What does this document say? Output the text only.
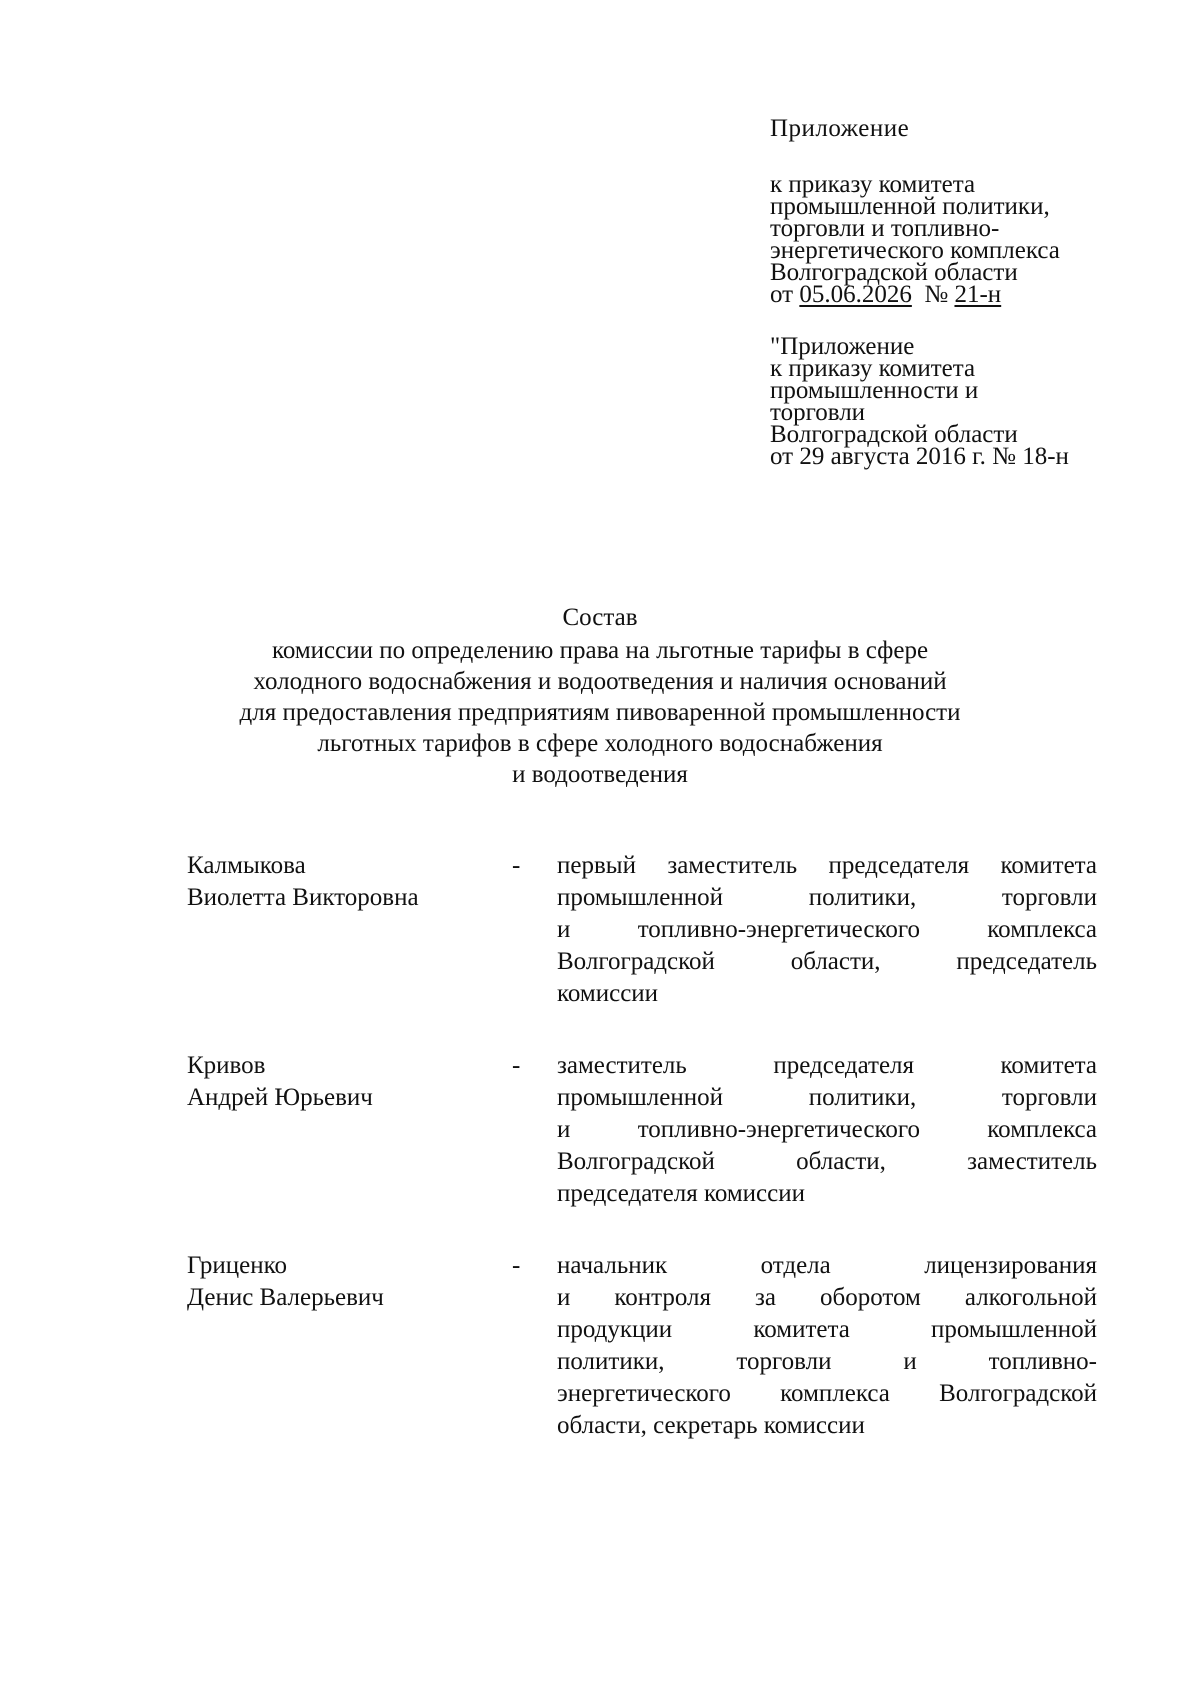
Приложение
к приказу комитета
промышленной политики,
торговли и топливно-
энергетического комплекса
Волгоградской области
от 05.06.2026 № 21-н
"Приложение
к приказу комитета
промышленности и
торговли
Волгоградской области
от 29 августа 2016 г. № 18-н
Состав
комиссии по определению права на льготные тарифы в сфере
холодного водоснабжения и водоотведения и наличия оснований
для предоставления предприятиям пивоваренной промышленности
льготных тарифов в сфере холодного водоснабжения
и водоотведения
Калмыкова
Виолетта Викторовна
- первый заместитель председателя комитета
промышленной политики, торговли
и топливно-энергетического комплекса
Волгоградской области, председатель
комиссии
Кривов
Андрей Юрьевич
- заместитель председателя комитета
промышленной политики, торговли
и топливно-энергетического комплекса
Волгоградской области, заместитель
председателя комиссии
Гриценко
Денис Валерьевич
- начальник отдела лицензирования
и контроля за оборотом алкогольной
продукции комитета промышленной
политики, торговли и топливно-
энергетического комплекса Волгоградской
области, секретарь комиссии
